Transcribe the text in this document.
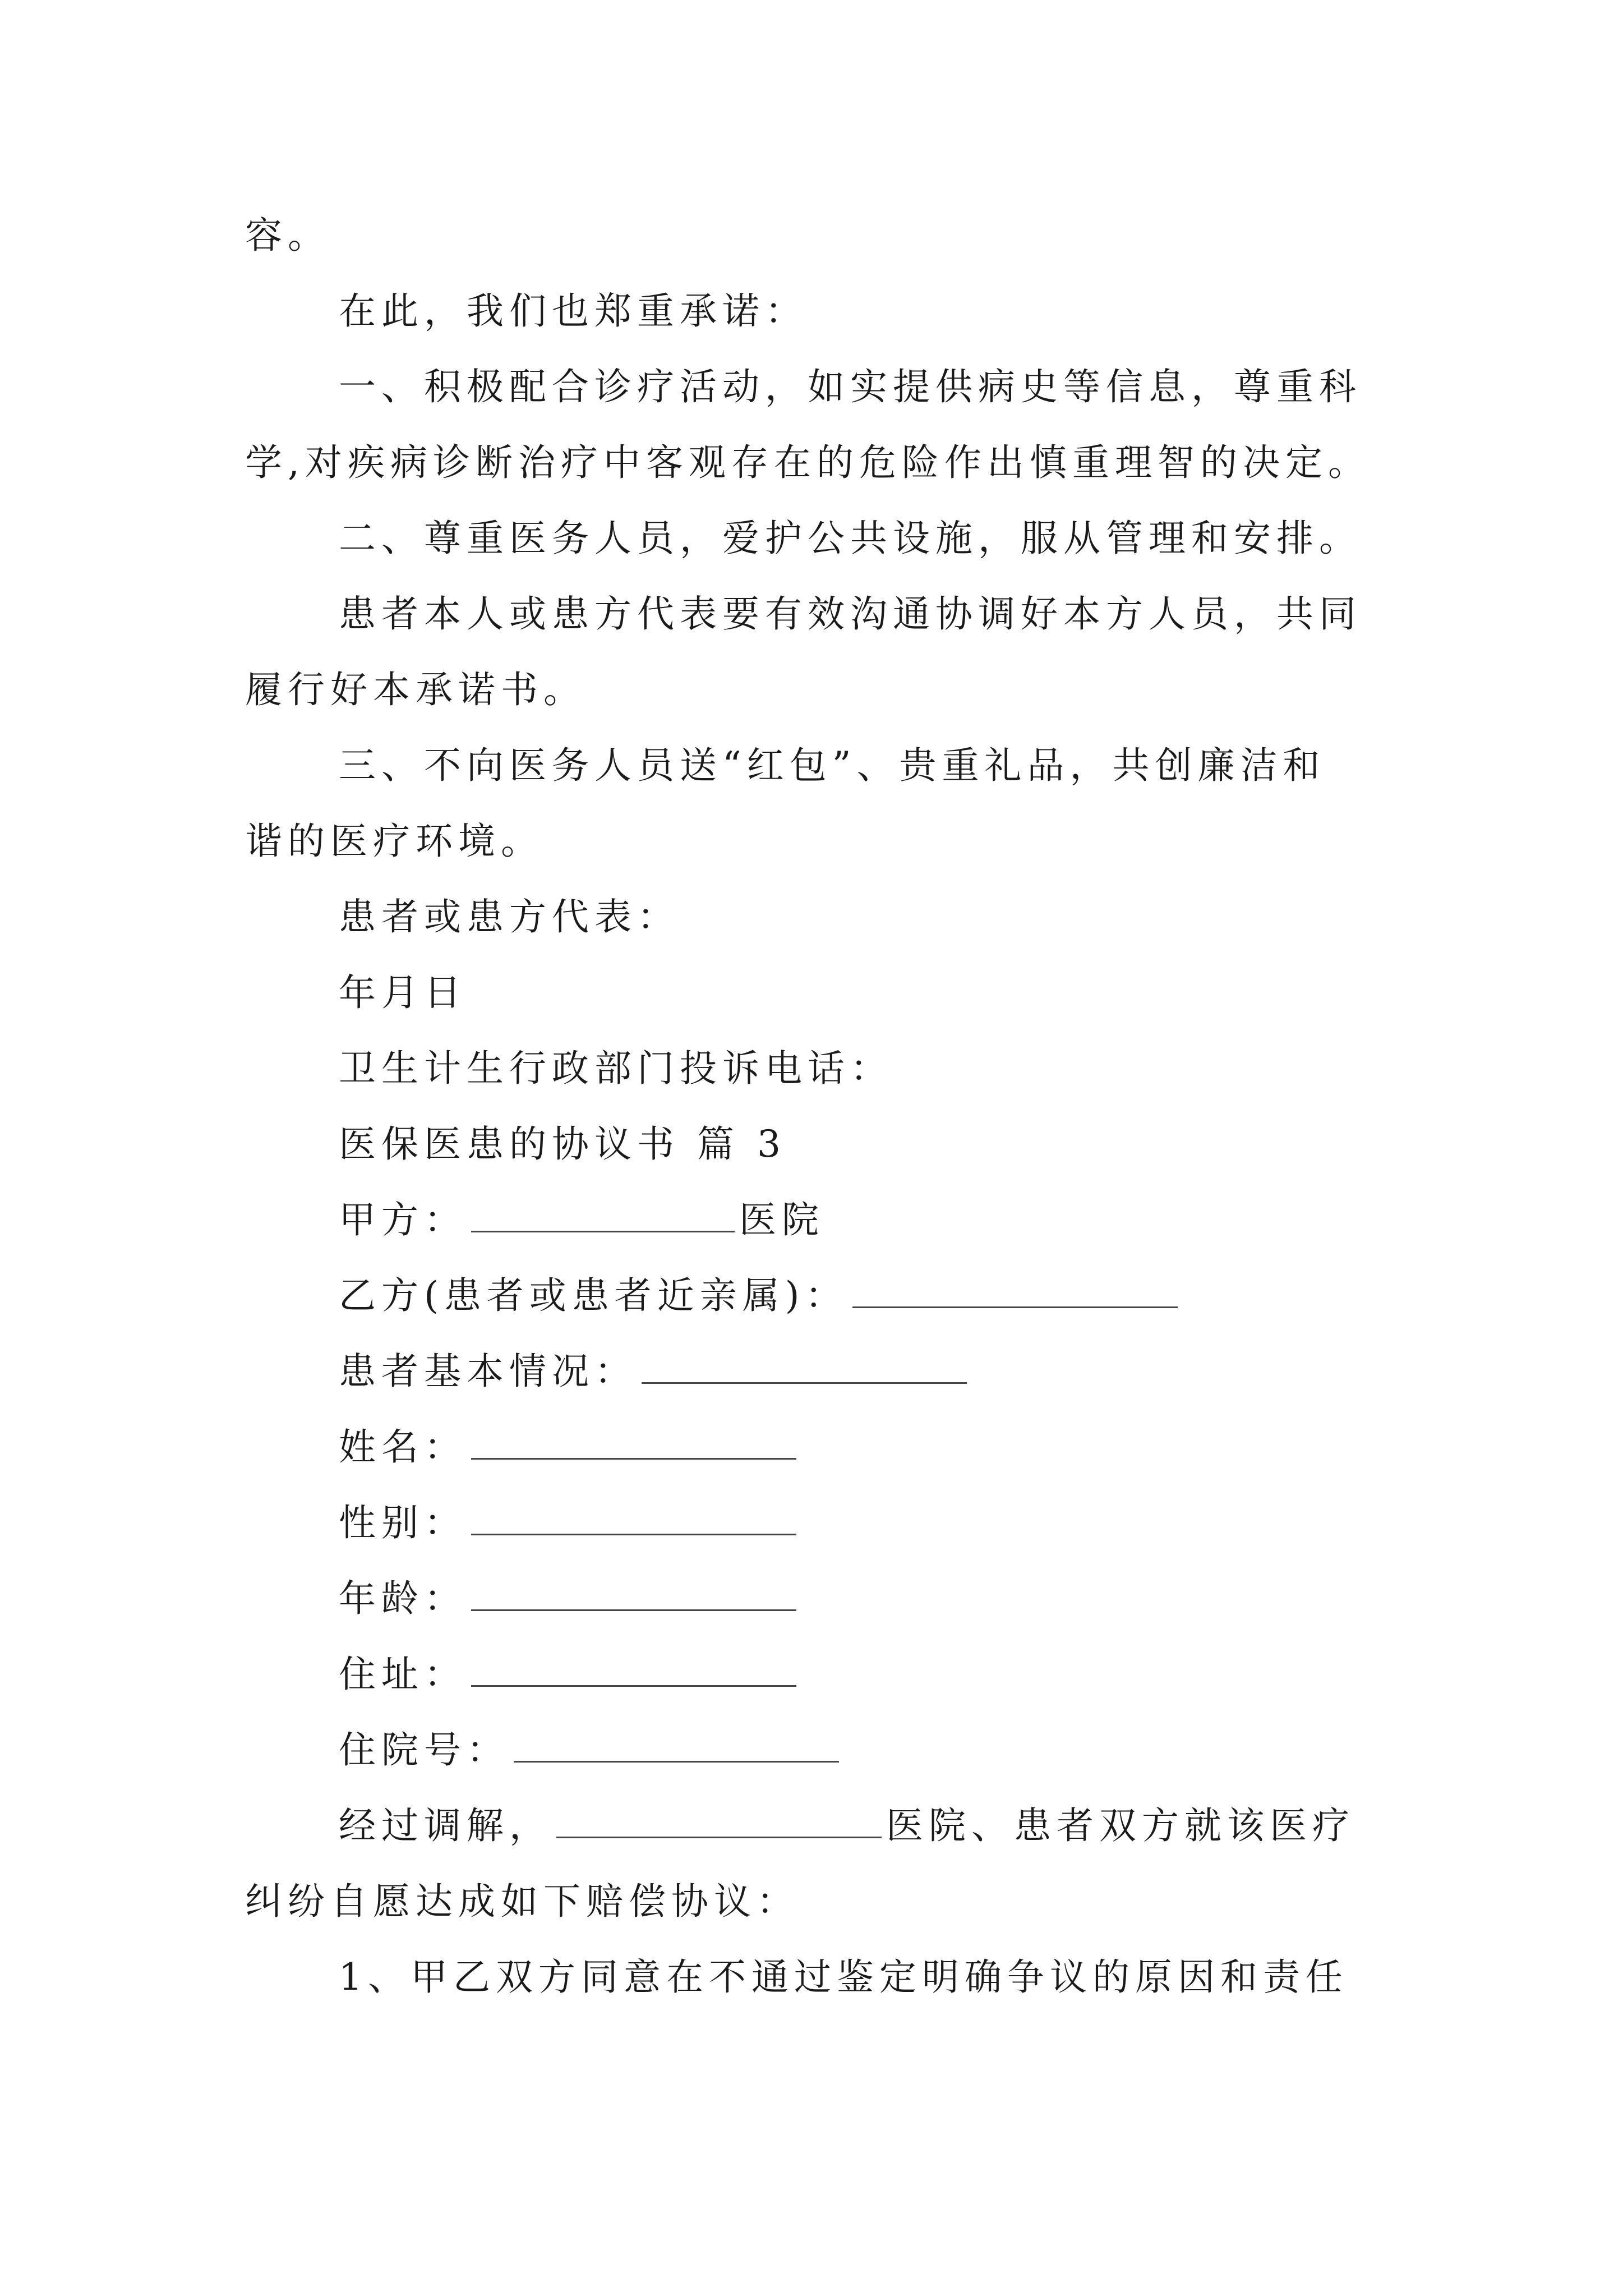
容。
在此，我们也郑重承诺：
一、积极配合诊疗活动，如实提供病史等信息，尊重科
学,对疾病诊断治疗中客观存在的危险作出慎重理智的决定。
二、尊重医务人员，爱护公共设施，服从管理和安排。
患者本人或患方代表要有效沟通协调好本方人员，共同
履行好本承诺书。
三、不向医务人员送“红包”、贵重礼品，共创廉洁和
谐的医疗环境。
患者或患方代表：
年月日
卫生计生行政部门投诉电话：
医保医患的协议书 篇 3
甲方：	医院
乙方(患者或患者近亲属)：
患者基本情况：
姓名：
性别：
年龄：
住址：
住院号：
经过调解，	医院、患者双方就该医疗
纠纷自愿达成如下赔偿协议：
1、甲乙双方同意在不通过鉴定明确争议的原因和责任
